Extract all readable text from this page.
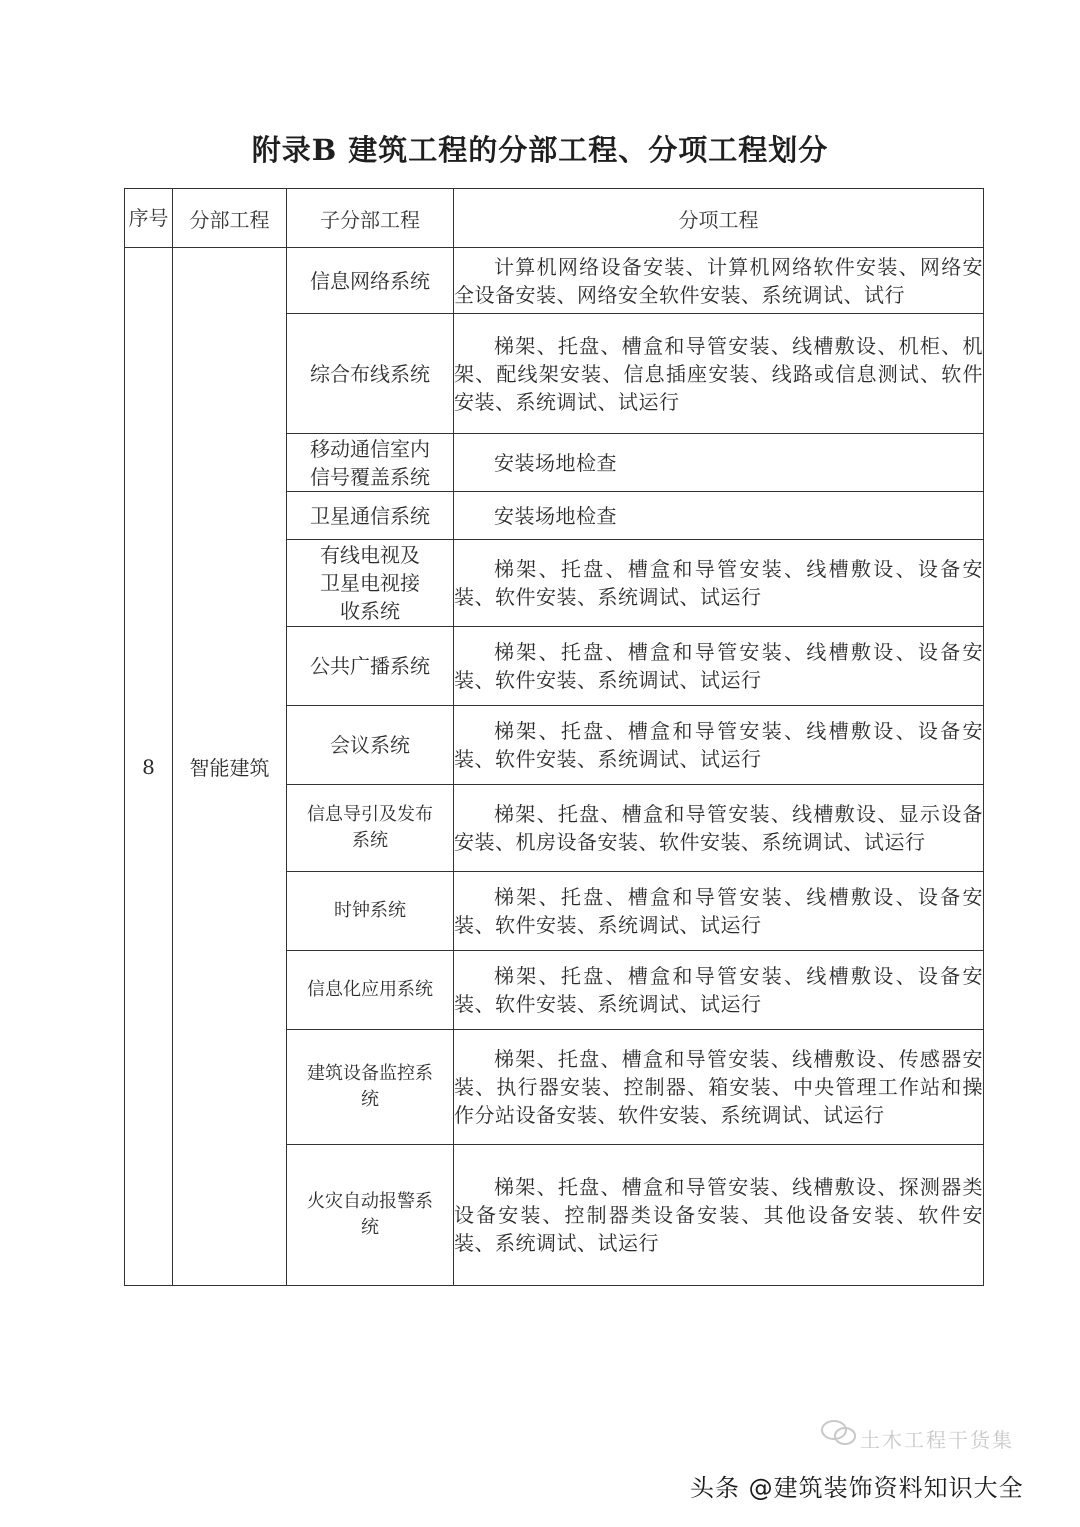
附录B 建筑工程的分部工程、分项工程划分
序号	分部工程	子分部工程	分项工程
8	智能建筑	信息网络系统	计算机网络设备安装、计算机网络软件安装、网络安全设备安装、网络安全软件安装、系统调试、试行
		综合布线系统	梯架、托盘、槽盒和导管安装、线槽敷设、机柜、机架、配线架安装、信息插座安装、线路或信息测试、软件安装、系统调试、试运行
		移动通信室内信号覆盖系统	安装场地检查
		卫星通信系统	安装场地检查
		有线电视及卫星电视接收系统	梯架、托盘、槽盒和导管安装、线槽敷设、设备安装、软件安装、系统调试、试运行
		公共广播系统	梯架、托盘、槽盒和导管安装、线槽敷设、设备安装、软件安装、系统调试、试运行
		会议系统	梯架、托盘、槽盒和导管安装、线槽敷设、设备安装、软件安装、系统调试、试运行
		信息导引及发布系统	梯架、托盘、槽盒和导管安装、线槽敷设、显示设备安装、机房设备安装、软件安装、系统调试、试运行
		时钟系统	梯架、托盘、槽盒和导管安装、线槽敷设、设备安装、软件安装、系统调试、试运行
		信息化应用系统	梯架、托盘、槽盒和导管安装、线槽敷设、设备安装、软件安装、系统调试、试运行
		建筑设备监控系统	梯架、托盘、槽盒和导管安装、线槽敷设、传感器安装、执行器安装、控制器、箱安装、中央管理工作站和操作分站设备安装、软件安装、系统调试、试运行
		火灾自动报警系统	梯架、托盘、槽盒和导管安装、线槽敷设、探测器类设备安装、控制器类设备安装、其他设备安装、软件安装、系统调试、试运行
土木工程干货集
头条 @建筑装饰资料知识大全
